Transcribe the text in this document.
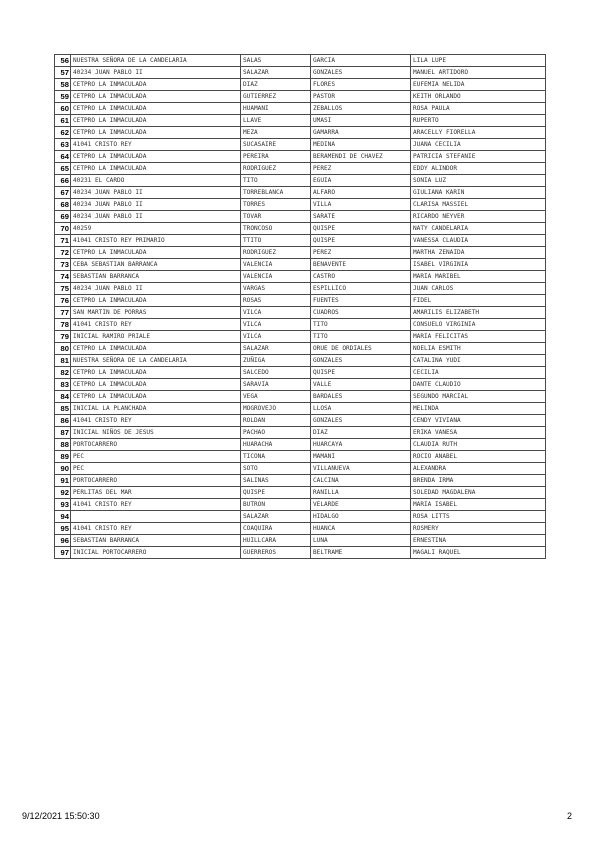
56	NUESTRA SEÑORA DE LA CANDELARIA	SALAS	GARCIA	LILA LUPE
57	40234 JUAN PABLO II	SALAZAR	GONZALES	MANUEL ARTIDORO
58	CETPRO LA INMACULADA	DIAZ	FLORES	EUFEMIA NELIDA
59	CETPRO LA INMACULADA	GUTIERREZ	PASTOR	KEITH ORLANDO
60	CETPRO LA INMACULADA	HUAMANI	ZEBALLOS	ROSA PAULA
61	CETPRO LA INMACULADA	LLAVE	UMASI	RUPERTO
62	CETPRO LA INMACULADA	MEZA	GAMARRA	ARACELLY FIORELLA
63	41041 CRISTO REY	SUCASAIRE	MEDINA	JUANA CECILIA
64	CETPRO LA INMACULADA	PEREIRA	BERAMENDI DE CHAVEZ	PATRICIA STEFANIE
65	CETPRO LA INMACULADA	RODRIGUEZ	PEREZ	EDDY ALINDOR
66	40231 EL CARDO	TITO	EGUIA	SONIA LUZ
67	40234 JUAN PABLO II	TORREBLANCA	ALFARO	GIULIANA KARIN
68	40234 JUAN PABLO II	TORRES	VILLA	CLARISA MASSIEL
69	40234 JUAN PABLO II	TOVAR	SARATE	RICARDO NEYVER
70	40259	TRONCOSO	QUISPE	NATY CANDELARIA
71	41041 CRISTO REY PRIMARIO	TTITO	QUISPE	VANESSA CLAUDIA
72	CETPRO LA INMACULADA	RODRIGUEZ	PEREZ	MARTHA ZENAIDA
73	CEBA SEBASTIAN BARRANCA	VALENCIA	BENAVENTE	ISABEL VIRGINIA
74	SEBASTIAN BARRANCA	VALENCIA	CASTRO	MARIA MARIBEL
75	40234 JUAN PABLO II	VARGAS	ESPILLICO	JUAN CARLOS
76	CETPRO LA INMACULADA	ROSAS	FUENTES	FIDEL
77	SAN MARTIN DE PORRAS	VILCA	CUADROS	AMARILIS ELIZABETH
78	41041 CRISTO REY	VILCA	TITO	CONSUELO VIRGINIA
79	INICIAL RAMIRO PRIALE	VILCA	TITO	MARIA FELICITAS
80	CETPRO LA INMACULADA	SALAZAR	ORUE DE ORDIALES	NOELIA ESMITH
81	NUESTRA SEÑORA DE LA CANDELARIA	ZUÑIGA	GONZALES	CATALINA YUDI
82	CETPRO LA INMACULADA	SALCEDO	QUISPE	CECILIA
83	CETPRO LA INMACULADA	SARAVIA	VALLE	DANTE CLAUDIO
84	CETPRO LA INMACULADA	VEGA	BARDALES	SEGUNDO MARCIAL
85	INICIAL LA PLANCHADA	MOGROVEJO	LLOSA	MELINDA
86	41041 CRISTO REY	ROLDAN	GONZALES	CENDY VIVIANA
87	INICIAL NIÑOS DE JESUS	PACHAO	DIAZ	ERIKA VANESA
88	PORTOCARRERO	HUARACHA	HUARCAYA	CLAUDIA RUTH
89	PEC	TICONA	MAMANI	ROCIO ANABEL
90	PEC	SOTO	VILLANUEVA	ALEXANDRA
91	PORTOCARRERO	SALINAS	CALCINA	BRENDA IRMA
92	PERLITAS DEL MAR	QUISPE	RANILLA	SOLEDAD MAGDALENA
93	41041 CRISTO REY	BUTRON	VELARDE	MARIA ISABEL
94		SALAZAR	HIDALGO	ROSA LITTS
95	41041 CRISTO REY	COAQUIRA	HUANCA	ROSMERY
96	SEBASTIAN BARRANCA	HUILLCARA	LUNA	ERNESTINA
97	INICIAL PORTOCARRERO	GUERREROS	BELTRAME	MAGALI RAQUEL
9/12/2021 15:50:30	2
